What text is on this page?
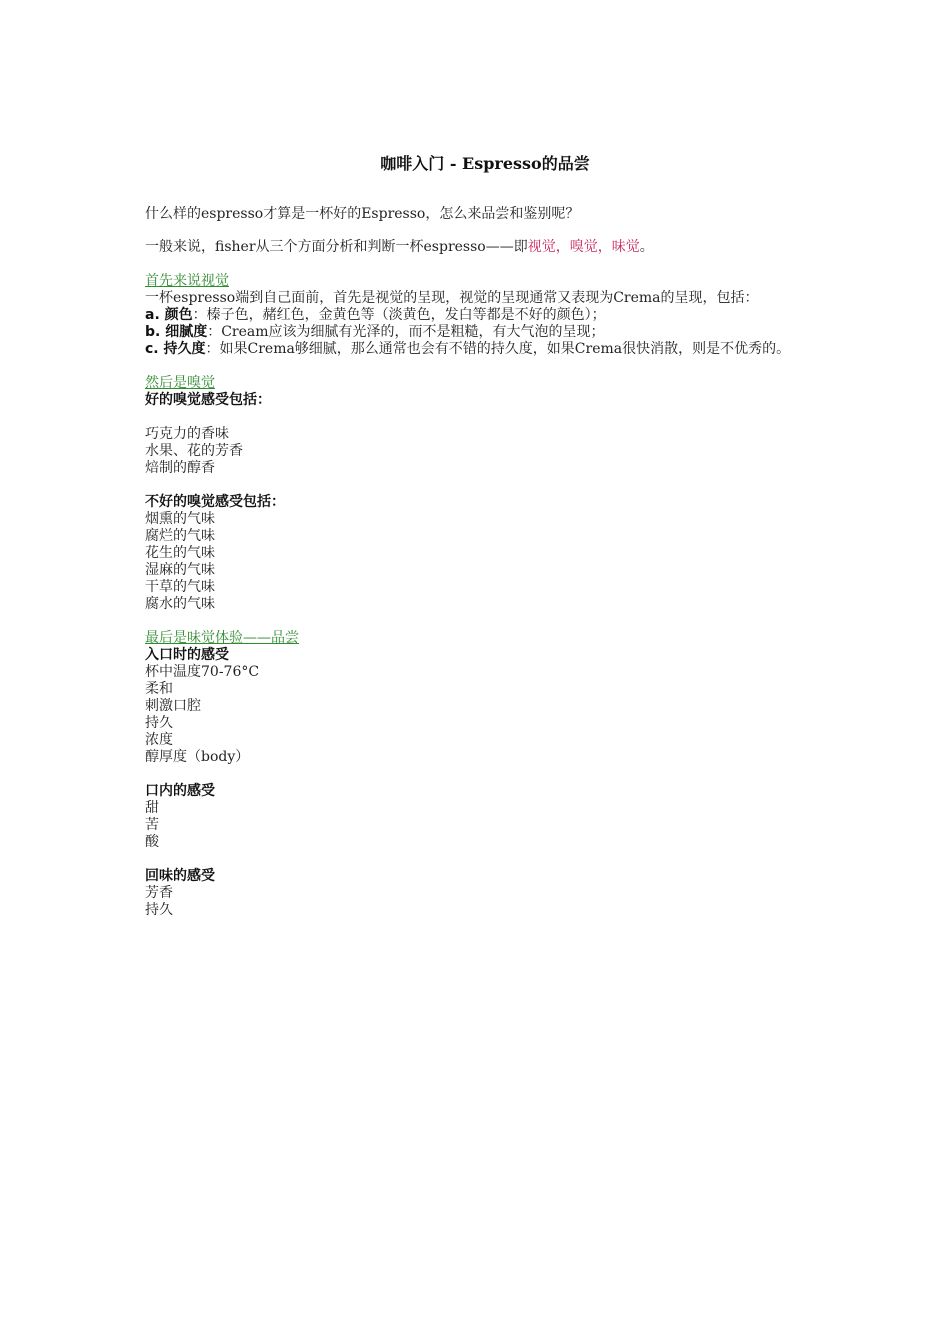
咖啡入门 - Espresso的品尝

什么样的espresso才算是一杯好的Espresso，怎么来品尝和鉴别呢？

一般来说，fisher从三个方面分析和判断一杯espresso——即视觉，嗅觉，味觉。

首先来说视觉

一杯espresso端到自己面前，首先是视觉的呈现，视觉的呈现通常又表现为Crema的呈现，包括：

a. 颜色：榛子色，赭红色，金黄色等（淡黄色，发白等都是不好的颜色）；

b. 细腻度：Cream应该为细腻有光泽的，而不是粗糙，有大气泡的呈现；

c. 持久度：如果Crema够细腻，那么通常也会有不错的持久度，如果Crema很快消散，则是不优秀的。

然后是嗅觉

好的嗅觉感受包括：

巧克力的香味

水果、花的芳香

焙制的醇香

不好的嗅觉感受包括：

烟熏的气味

腐烂的气味

花生的气味

湿麻的气味

干草的气味

腐水的气味

最后是味觉体验——品尝

入口时的感受

杯中温度70-76°C

柔和

刺激口腔

持久

浓度

醇厚度（body）

口内的感受

甜

苦

酸

回味的感受

芳香

持久
